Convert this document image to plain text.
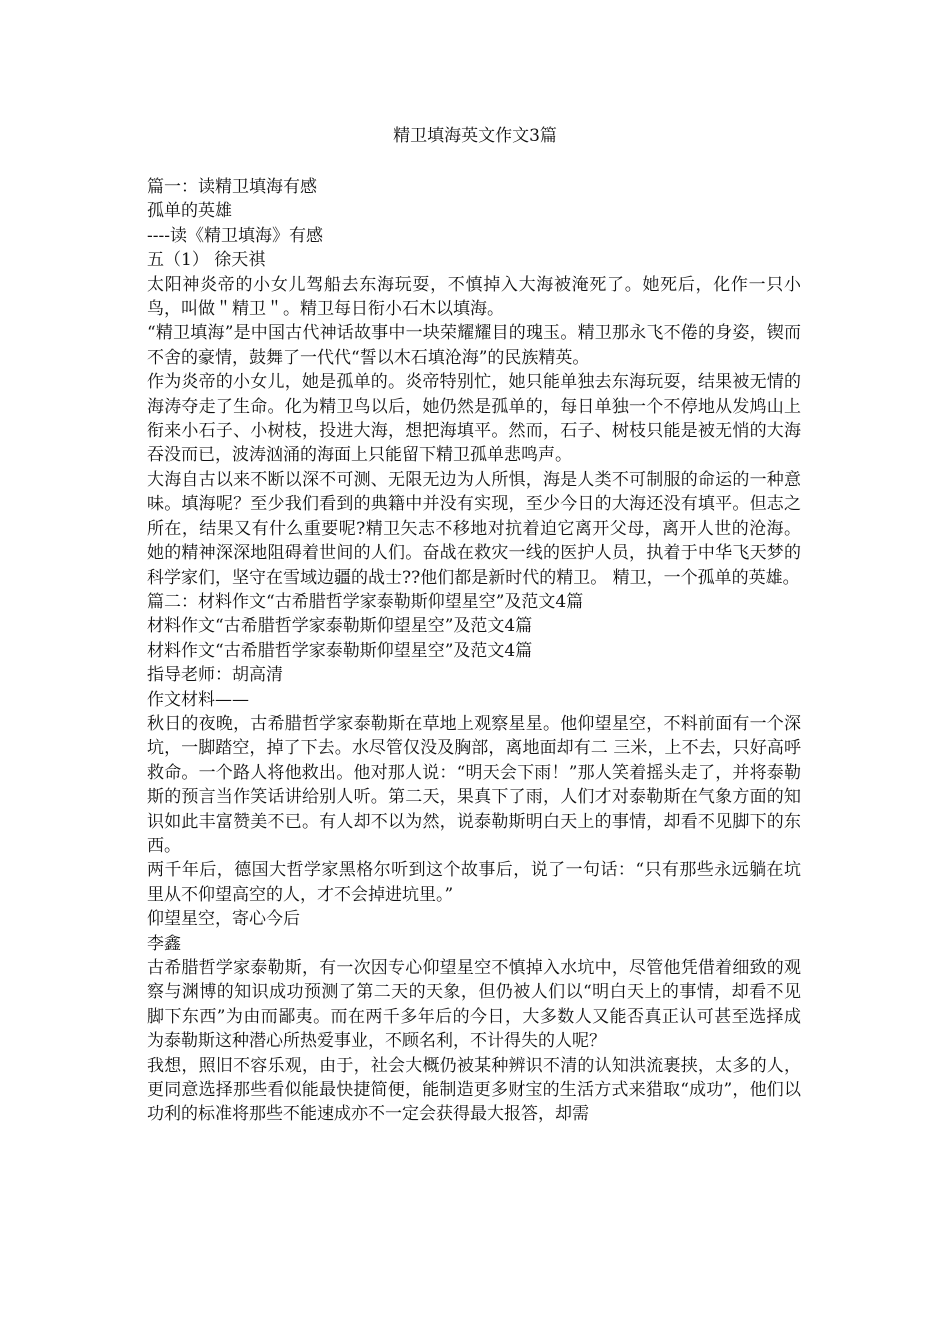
精卫填海英文作文3篇

篇一：读精卫填海有感

孤单的英雄

----读《精卫填海》有感

五（1） 徐天祺

太阳神炎帝的小女儿驾船去东海玩耍，不慎掉入大海被淹死了。她死后，化作一只小鸟，叫做＂精卫＂。精卫每日衔小石木以填海。

“精卫填海”是中国古代神话故事中一块荣耀耀目的瑰玉。精卫那永飞不倦的身姿，锲而不舍的豪情，鼓舞了一代代“誓以木石填沧海”的民族精英。

作为炎帝的小女儿，她是孤单的。炎帝特别忙，她只能单独去东海玩耍，结果被无情的海涛夺走了生命。化为精卫鸟以后，她仍然是孤单的，每日单独一个不停地从发鸠山上衔来小石子、小树枝，投进大海，想把海填平。然而，石子、树枝只能是被无悄的大海吞没而已，波涛汹涌的海面上只能留下精卫孤单悲鸣声。

大海自古以来不断以深不可测、无限无边为人所惧，海是人类不可制服的命运的一种意味。填海呢？至少我们看到的典籍中并没有实现，至少今日的大海还没有填平。但志之所在，结果又有什么重要呢?精卫矢志不移地对抗着迫它离开父母，离开人世的沧海。她的精神深深地阻碍着世间的人们。奋战在救灾一线的医护人员，执着于中华飞天梦的科学家们，坚守在雪域边疆的战士??他们都是新时代的精卫。 精卫，一个孤单的英雄。

篇二：材料作文“古希腊哲学家泰勒斯仰望星空”及范文4篇

材料作文“古希腊哲学家泰勒斯仰望星空”及范文4篇

材料作文“古希腊哲学家泰勒斯仰望星空”及范文4篇

指导老师：胡高清

作文材料——

秋日的夜晚，古希腊哲学家泰勒斯在草地上观察星星。他仰望星空，不料前面有一个深坑，一脚踏空，掉了下去。水尽管仅没及胸部，离地面却有二 三米，上不去，只好高呼救命。一个路人将他救出。他对那人说：“明天会下雨！”那人笑着摇头走了，并将泰勒斯的预言当作笑话讲给别人听。第二天，果真下了雨，人们才对泰勒斯在气象方面的知识如此丰富赞美不已。有人却不以为然，说泰勒斯明白天上的事情，却看不见脚下的东西。

两千年后，德国大哲学家黑格尔听到这个故事后，说了一句话：“只有那些永远躺在坑里从不仰望高空的人，才不会掉进坑里。”

仰望星空，寄心今后

李鑫

古希腊哲学家泰勒斯，有一次因专心仰望星空不慎掉入水坑中，尽管他凭借着细致的观察与渊博的知识成功预测了第二天的天象，但仍被人们以“明白天上的事情，却看不见脚下东西”为由而鄙夷。而在两千多年后的今日，大多数人又能否真正认可甚至选择成为泰勒斯这种潜心所热爱事业，不顾名利，不计得失的人呢？

我想，照旧不容乐观，由于，社会大概仍被某种辨识不清的认知洪流裹挟，太多的人，更同意选择那些看似能最快捷简便，能制造更多财宝的生活方式来猎取“成功”，他们以功利的标准将那些不能速成亦不一定会获得最大报答，却需
